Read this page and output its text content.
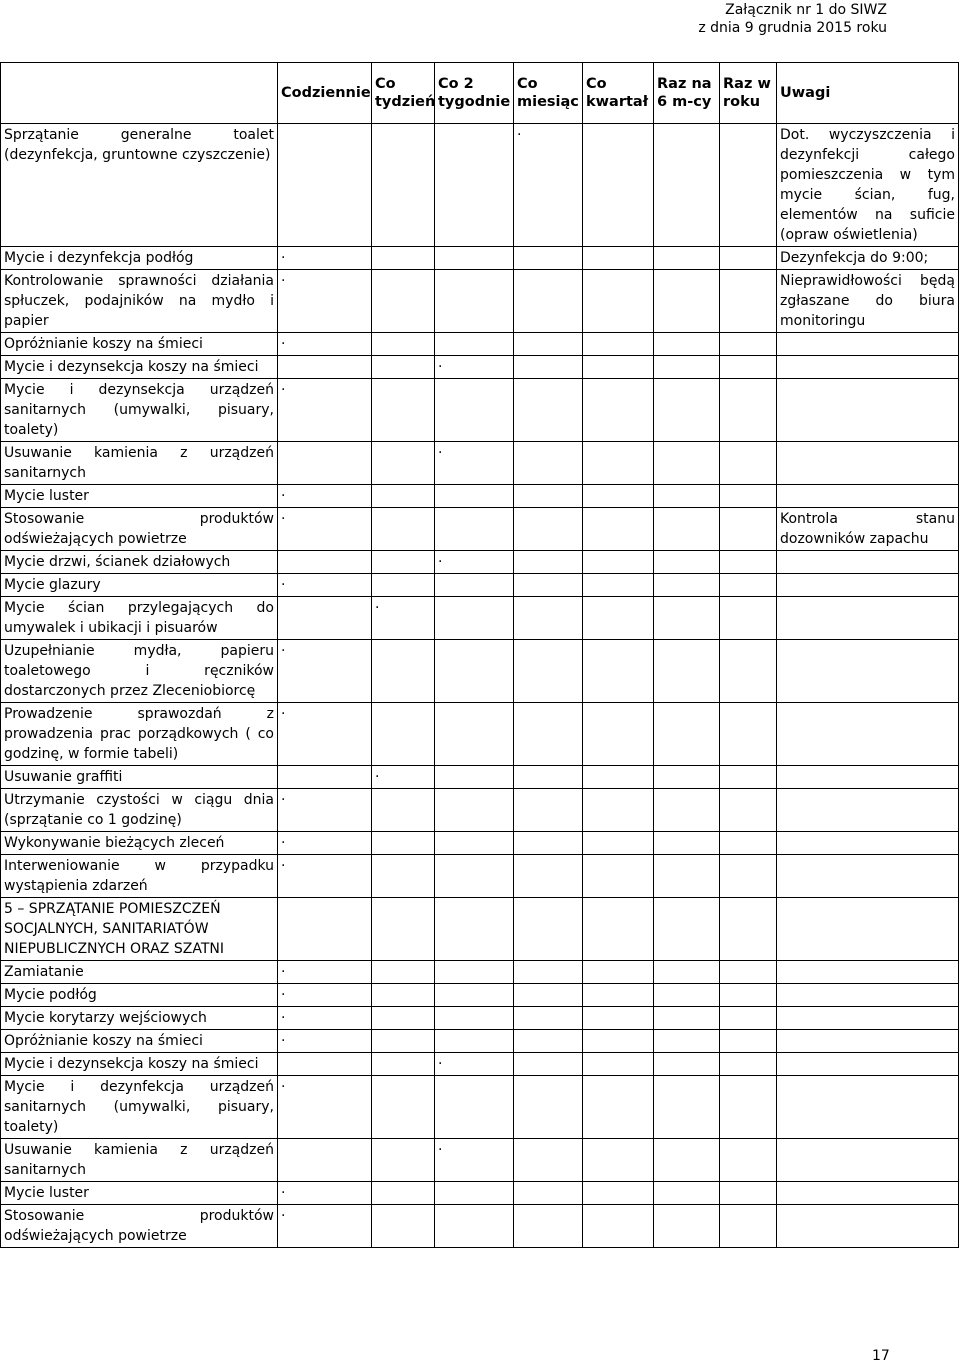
Załącznik nr 1 do SIWZ
z dnia 9 grudnia 2015 roku
	Codziennie	Co tydzień	Co 2 tygodnie	Co miesiąc	Co kwartał	Raz na 6 m-cy	Raz w roku	Uwagi
Sprzątanie generalne toalet (dezynfekcja, gruntowne czyszczenie)				·				Dot. wyczyszczenia i dezynfekcji całego pomieszczenia w tym mycie ścian, fug, elementów na suficie (opraw oświetlenia)
Mycie i dezynfekcja podłóg	·							Dezynfekcja do 9:00;
Kontrolowanie sprawności działania spłuczek, podajników na mydło i papier	·							Nieprawidłowości będą zgłaszane do biura monitoringu
Opróżnianie koszy na śmieci	·							
Mycie i dezynsekcja koszy na śmieci			·					
Mycie i dezynsekcja urządzeń sanitarnych (umywalki, pisuary, toalety)	·							
Usuwanie kamienia z urządzeń sanitarnych			·					
Mycie luster	·							
Stosowanie produktów odświeżających powietrze	·							Kontrola stanu dozowników zapachu
Mycie drzwi, ścianek działowych			·					
Mycie glazury	·							
Mycie ścian przylegających do umywalek i ubikacji i pisuarów		·						
Uzupełnianie mydła, papieru toaletowego i ręczników dostarczonych przez Zleceniobiorcę	·							
Prowadzenie sprawozdań z prowadzenia prac porządkowych ( co godzinę, w formie tabeli)	·							
Usuwanie graffiti		·						
Utrzymanie czystości w ciągu dnia (sprzątanie co 1 godzinę)	·							
Wykonywanie bieżących zleceń	·							
Interweniowanie w przypadku wystąpienia zdarzeń	·							
5 – SPRZĄTANIE POMIESZCZEŃ SOCJALNYCH, SANITARIATÓW NIEPUBLICZNYCH ORAZ SZATNI								
Zamiatanie	·							
Mycie podłóg	·							
Mycie korytarzy wejściowych	·							
Opróżnianie koszy na śmieci	·							
Mycie i dezynsekcja koszy na śmieci			·					
Mycie i dezynfekcja urządzeń sanitarnych (umywalki, pisuary, toalety)	·							
Usuwanie kamienia z urządzeń sanitarnych			·					
Mycie luster	·							
Stosowanie produktów odświeżających powietrze	·							
17
